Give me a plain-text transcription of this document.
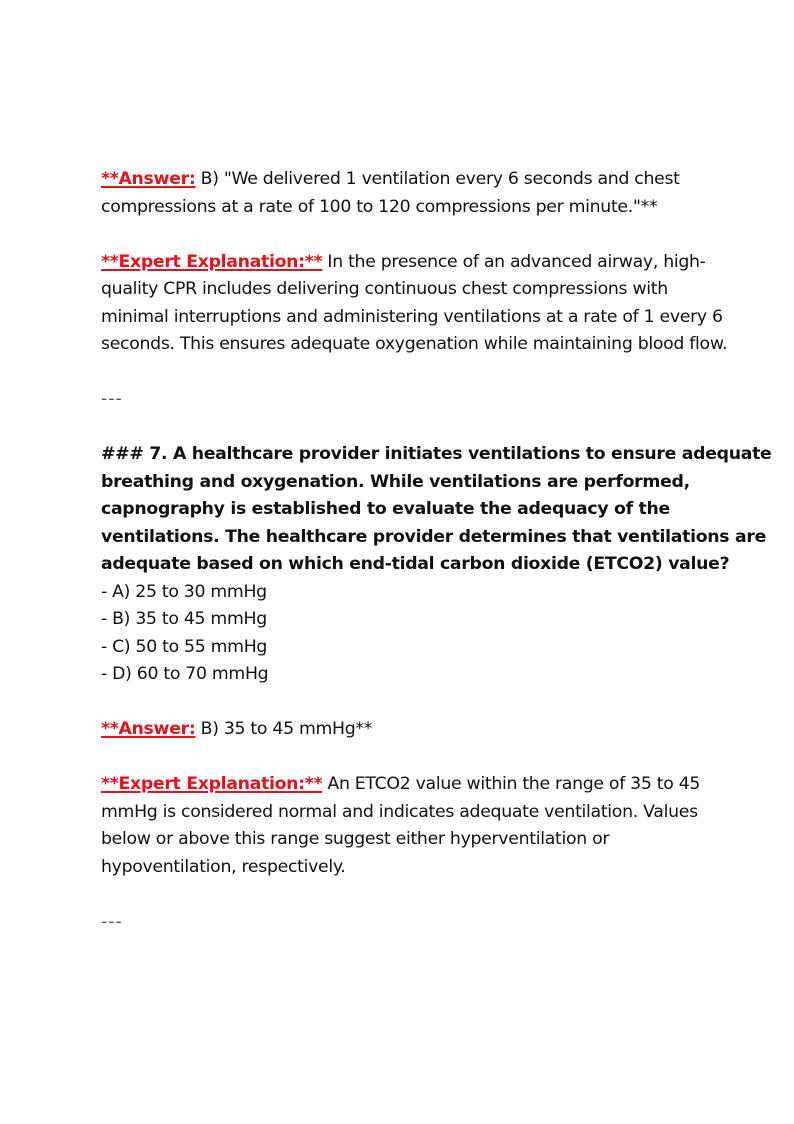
**Answer: B) "We delivered 1 ventilation every 6 seconds and chest
compressions at a rate of 100 to 120 compressions per minute."**
**Expert Explanation:** In the presence of an advanced airway, high-
quality CPR includes delivering continuous chest compressions with
minimal interruptions and administering ventilations at a rate of 1 every 6
seconds. This ensures adequate oxygenation while maintaining blood flow.
---
### 7. A healthcare provider initiates ventilations to ensure adequate
breathing and oxygenation. While ventilations are performed,
capnography is established to evaluate the adequacy of the
ventilations. The healthcare provider determines that ventilations are
adequate based on which end-tidal carbon dioxide (ETCO2) value?
- A) 25 to 30 mmHg
- B) 35 to 45 mmHg
- C) 50 to 55 mmHg
- D) 60 to 70 mmHg
**Answer: B) 35 to 45 mmHg**
**Expert Explanation:** An ETCO2 value within the range of 35 to 45
mmHg is considered normal and indicates adequate ventilation. Values
below or above this range suggest either hyperventilation or
hypoventilation, respectively.
---
